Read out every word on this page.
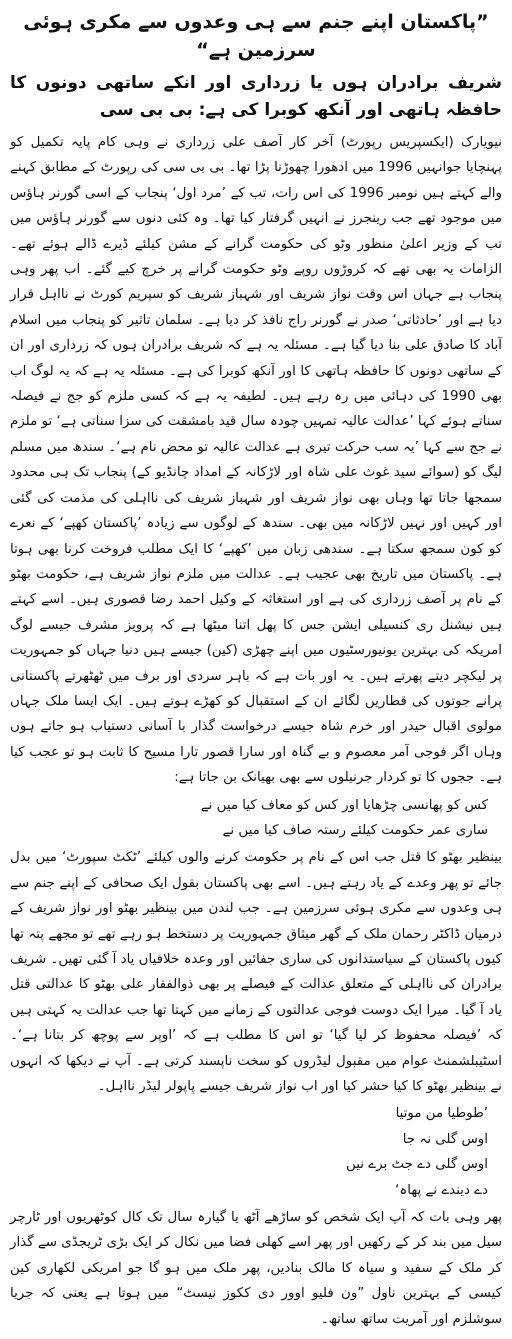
”پاکستان اپنے جنم سے ہی وعدوں سے مکری ہوئی سرزمین ہے“
شریف برادران ہوں یا زرداری اور انکے ساتھی دونوں کا حافظہ ہاتھی اور آنکھ کوبرا کی ہے: بی بی سی

نیویارک (ایکسپریس رپورٹ) آخر کار آصف علی زرداری نے وہی کام پایہ تکمیل کو پہنچایا جوانہیں 1996 میں ادھورا چھوڑنا پڑا تھا۔ بی بی سی کی رپورٹ کے مطابق کہنے والے کہتے ہیں نومبر 1996 کی اس رات، تب کے ’مرد اول‘ پنجاب کے اسی گورنر ہاؤس میں موجود تھے جب رینجرز نے انہیں گرفتار کیا تھا۔ وہ کئی دنوں سے گورنر ہاؤس میں تب کے وزیر اعلیٰ منظور وٹو کی حکومت گرانے کے مشن کیلئے ڈیرے ڈالے ہوئے تھے۔ الزامات یہ بھی تھے کہ کروڑوں روپے وٹو حکومت گرانے پر خرچ کیے گئے۔ اب پھر وہی پنجاب ہے جہاں اس وقت نواز شریف اور شہباز شریف کو سپریم کورٹ نے نااہل قرار دیا ہے اور ’حادثاتی‘ صدر نے گورنر راج نافذ کر دیا ہے۔ سلمان تاثیر کو پنجاب میں اسلام آباد کا صادق علی بنا دیا گیا ہے۔ مسئلہ یہ ہے کہ شریف برادران ہوں کہ زرداری اور ان کے ساتھی دونوں کا حافظہ ہاتھی کا اور آنکھ کوبرا کی ہے۔ مسئلہ یہ ہے کہ یہ لوگ اب بھی 1990 کی دہائی میں رہ رہے ہیں۔ لطیفہ یہ ہے کہ کسی ملزم کو جج نے فیصلہ سناتے ہوئے کہا ’عدالت عالیہ تمہیں چودہ سال قید بامشقت کی سزا سناتی ہے‘ تو ملزم نے جج سے کہا ’یہ سب حرکت تیری ہے عدالت عالیہ تو محض نام ہے‘۔ سندھ میں مسلم لیگ کو (سوائے سید غوث علی شاہ اور لاڑکانہ کے امداد چانڈیو کے) پنجاب تک ہی محدود سمجھا جاتا تھا وہاں بھی نواز شریف اور شہباز شریف کی نااہلی کی مذمت کی گئی اور کہیں اور نہیں لاڑکانہ میں بھی۔ سندھ کے لوگوں سے زیادہ ’پاکستان کھپے‘ کے نعرے کو کون سمجھ سکتا ہے۔ سندھی زبان میں ’کھپے‘ کا ایک مطلب فروخت کرنا بھی ہوتا ہے۔ پاکستان میں تاریخ بھی عجیب ہے۔ عدالت میں ملزم نواز شریف ہے، حکومت بھٹو کے نام پر آصف زرداری کی ہے اور استغاثہ کے وکیل احمد رضا قصوری ہیں۔ اسے کہتے ہیں نیشنل ری کنسیلی ایشن جس کا پھل اتنا میٹھا ہے کہ پرویز مشرف جیسے لوگ امریکہ کی بہترین یونیورسٹیوں میں اپنے چھڑی (کین) جیسے ہیں دنیا جہاں کو جمہوریت پر لیکچر دیتے پھرتے ہیں۔ یہ اور بات ہے کہ باہر سردی اور برف میں ٹھٹھرتے پاکستانی پرانے جوتوں کی قطاریں لگائے ان کے استقبال کو کھڑے ہوتے ہیں۔ ایک ایسا ملک جہاں مولوی اقبال حیدر اور خرم شاہ جیسے درخواست گذار با آسانی دستیاب ہو جاتے ہوں وہاں اگر فوجی آمر معصوم و بے گناہ اور سارا قصور تارا مسیح کا ثابت ہو تو عجب کیا ہے۔ ججوں کا تو کردار جرنیلوں سے بھی بھیانک بن جاتا ہے:

کس کو پھانسی چڑھایا اور کس کو معاف کیا میں نے

ساری عمر حکومت کیلئے رستہ صاف کیا میں نے

بینظیر بھٹو کا قتل جب اس کے نام پر حکومت کرنے والوں کیلئے ’ٹکٹ سپورٹ‘ میں بدل جائے تو پھر وعدے کے یاد رہتے ہیں۔ اسے بھی پاکستان بقول ایک صحافی کے اپنے جنم سے ہی وعدوں سے مکری ہوئی سرزمین ہے۔ جب لندن میں بینظیر بھٹو اور نواز شریف کے درمیان ڈاکٹر رحمان ملک کے گھر میثاق جمہوریت پر دستخط ہو رہے تھے تو مجھے پتہ تھا کیوں پاکستان کے سیاستدانوں کی ساری جفائیں اور وعدہ خلافیاں یاد آ گئی تھیں۔ شریف برادران کی نااہلی کے متعلق عدالت کے فیصلے پر بھی ذوالفقار علی بھٹو کا عدالتی قتل یاد آ گیا۔ میرا ایک دوست فوجی عدالتوں کے زمانے میں کہتا تھا جب عدالت یہ کہتی ہیں کہ ’فیصلہ محفوظ کر لیا گیا‘ تو اس کا مطلب ہے کہ ’اوپر سے پوچھ کر بتانا ہے‘۔ اسٹیبلشمنٹ عوام میں مقبول لیڈروں کو سخت ناپسند کرتی ہے۔ آپ نے دیکھا کہ انہوں نے بینظیر بھٹو کا کیا حشر کیا اور اب نواز شریف جیسے پاپولر لیڈر نااہل۔

’طوطیا من موتیا

اوس گلی نہ جا

اوس گلی دے جٹ برے نیں

دے دیندے نے پھاہ‘

پھر وہی بات کہ آپ ایک شخص کو ساڑھے آٹھ یا گیارہ سال تک کال کوٹھریوں اور ٹارچر سیل میں بند کر کے رکھیں اور پھر اسے کھلی فضا میں نکال کر ایک بڑی ٹریجڈی سے گذار کر ملک کے سفید و سیاہ کا مالک بنادیں، پھر ملک میں ہو گا جو امریکی لکھاری کین کیسی کے بہترین ناول ”ون فلیو اوور دی ککوز نیسٹ“ میں ہوتا ہے یعنی کہ جریا سوشلزم اور آمریت ساتھ ساتھ۔
